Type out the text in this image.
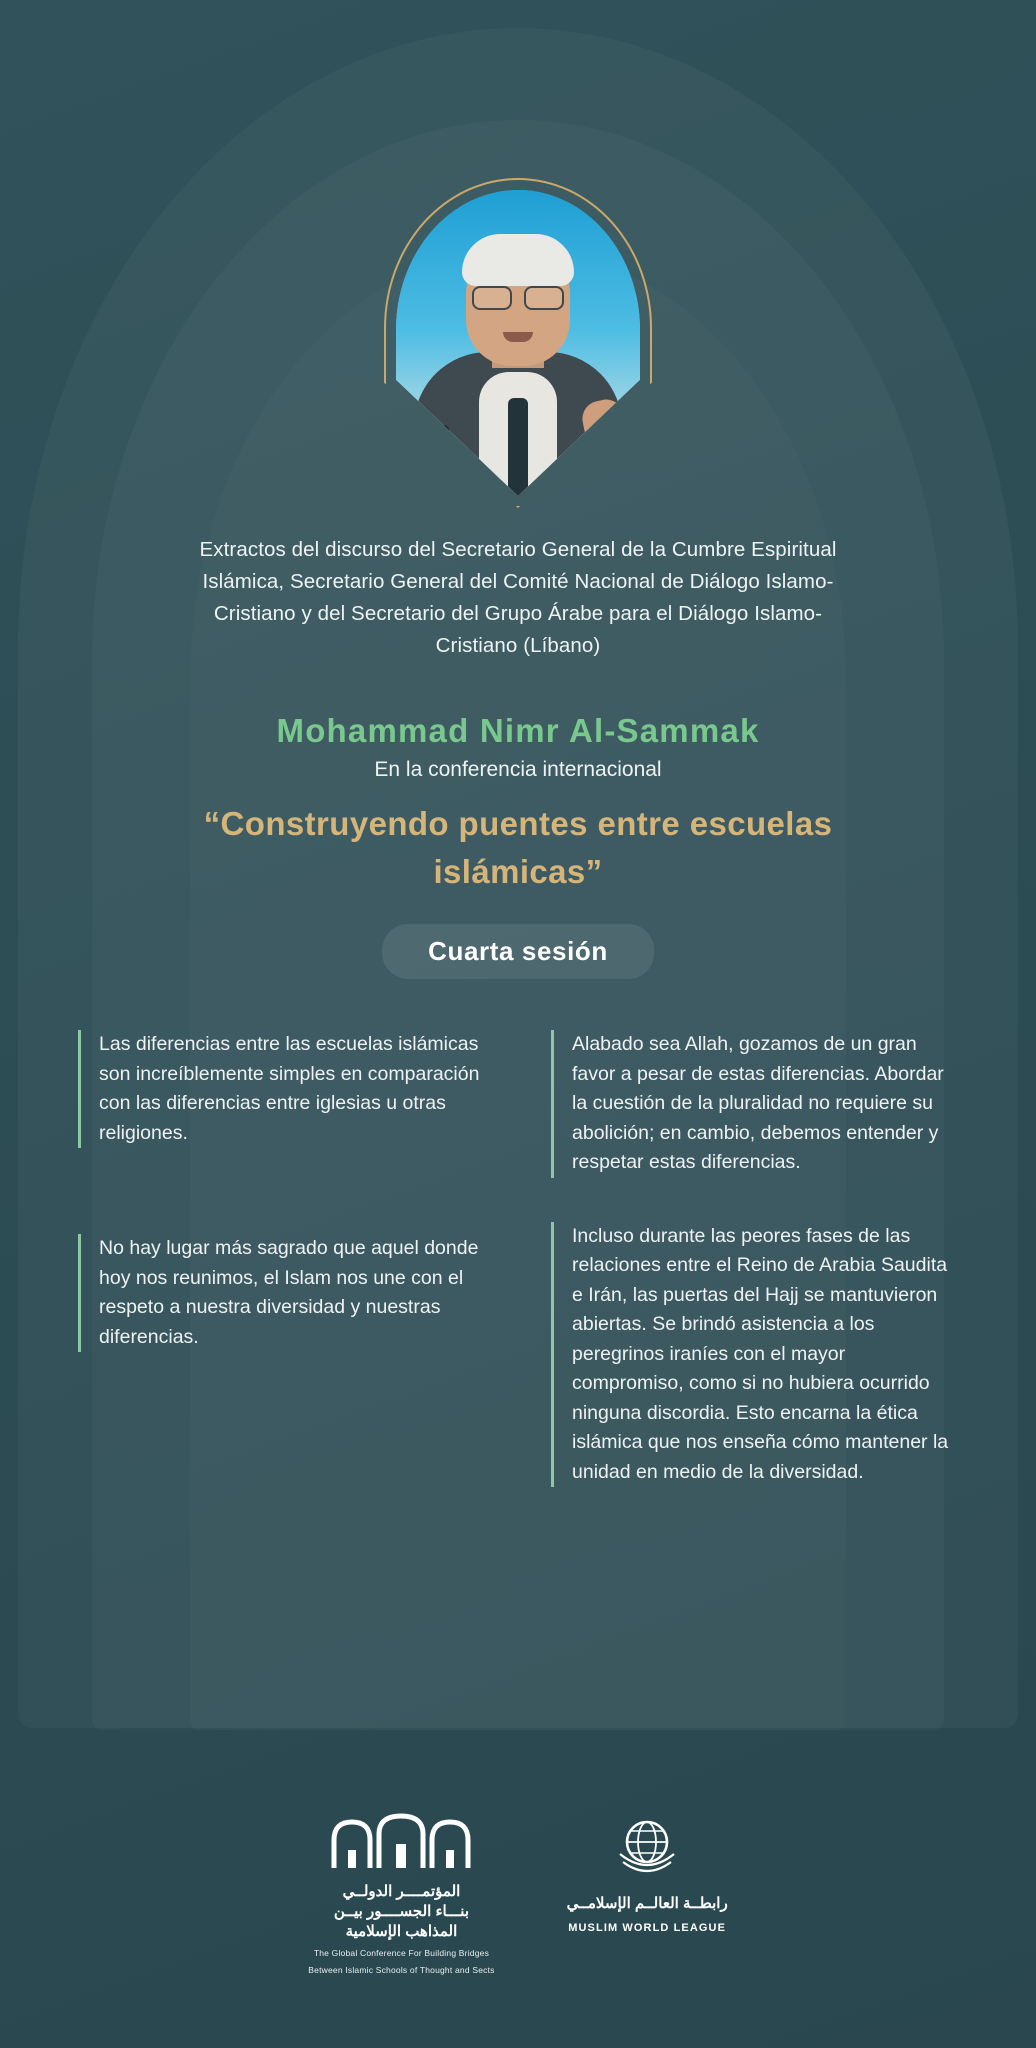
Extractos del discurso del Secretario General de la Cumbre Espiritual Islámica, Secretario General del Comité Nacional de Diálogo Islamo-Cristiano y del Secretario del Grupo Árabe para el Diálogo Islamo- Cristiano (Líbano)
Mohammad Nimr Al-Sammak
En la conferencia internacional
“Construyendo puentes entre escuelas islámicas”
Cuarta sesión
Las diferencias entre las escuelas islámicas son increíblemente simples en comparación con las diferencias entre iglesias u otras religiones.
No hay lugar más sagrado que aquel donde hoy nos reunimos, el Islam nos une con el respeto a nuestra diversidad y nuestras diferencias.
Alabado sea Allah, gozamos de un gran favor a pesar de estas diferencias. Abordar la cuestión de la pluralidad no requiere su abolición; en cambio, debemos entender y respetar estas diferencias.
Incluso durante las peores fases de las relaciones entre el Reino de Arabia Saudita e Irán, las puertas del Hajj se mantuvieron abiertas. Se brindó asistencia a los peregrinos iraníes con el mayor compromiso, como si no hubiera ocurrido ninguna discordia. Esto encarna la ética islámica que nos enseña cómo mantener la unidad en medio de la diversidad.
المؤتمــــر الدولــي
بنـــاء الجســــور بيــن
المذاهب الإسلامية
The Global Conference For Building Bridges
Between Islamic Schools of Thought and Sects
رابطــة العالــم الإسلامــي
MUSLIM WORLD LEAGUE
